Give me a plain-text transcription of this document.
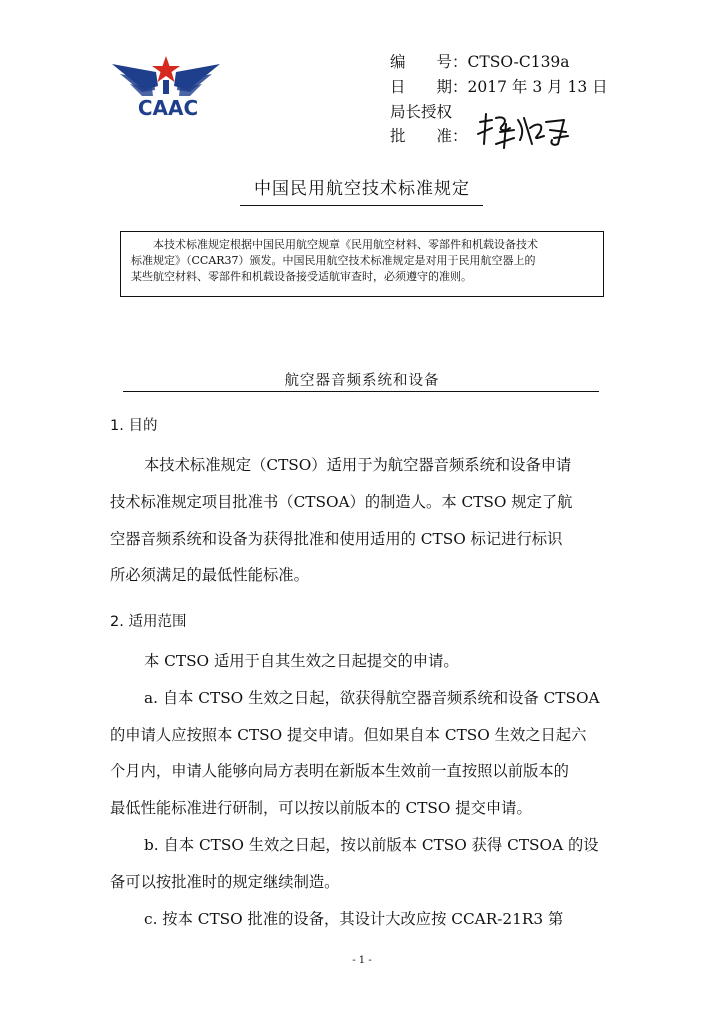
CAAC
编　　号：CTSO-C139a
日　　期：2017 年 3 月 13 日
局长授权
批　　准：
中国民用航空技术标准规定
本技术标准规定根据中国民用航空规章《民用航空材料、零部件和机载设备技术
标准规定》（CCAR37）颁发。中国民用航空技术标准规定是对用于民用航空器上的
某些航空材料、零部件和机载设备接受适航审查时，必须遵守的准则。
航空器音频系统和设备
1. 目的
本技术标准规定（CTSO）适用于为航空器音频系统和设备申请
技术标准规定项目批准书（CTSOA）的制造人。本 CTSO 规定了航
空器音频系统和设备为获得批准和使用适用的 CTSO 标记进行标识
所必须满足的最低性能标准。
2. 适用范围
本 CTSO 适用于自其生效之日起提交的申请。
a. 自本 CTSO 生效之日起，欲获得航空器音频系统和设备 CTSOA
的申请人应按照本 CTSO 提交申请。但如果自本 CTSO 生效之日起六
个月内，申请人能够向局方表明在新版本生效前一直按照以前版本的
最低性能标准进行研制，可以按以前版本的 CTSO 提交申请。
b. 自本 CTSO 生效之日起，按以前版本 CTSO 获得 CTSOA 的设
备可以按批准时的规定继续制造。
c. 按本 CTSO 批准的设备，其设计大改应按 CCAR-21R3 第
- 1 -
